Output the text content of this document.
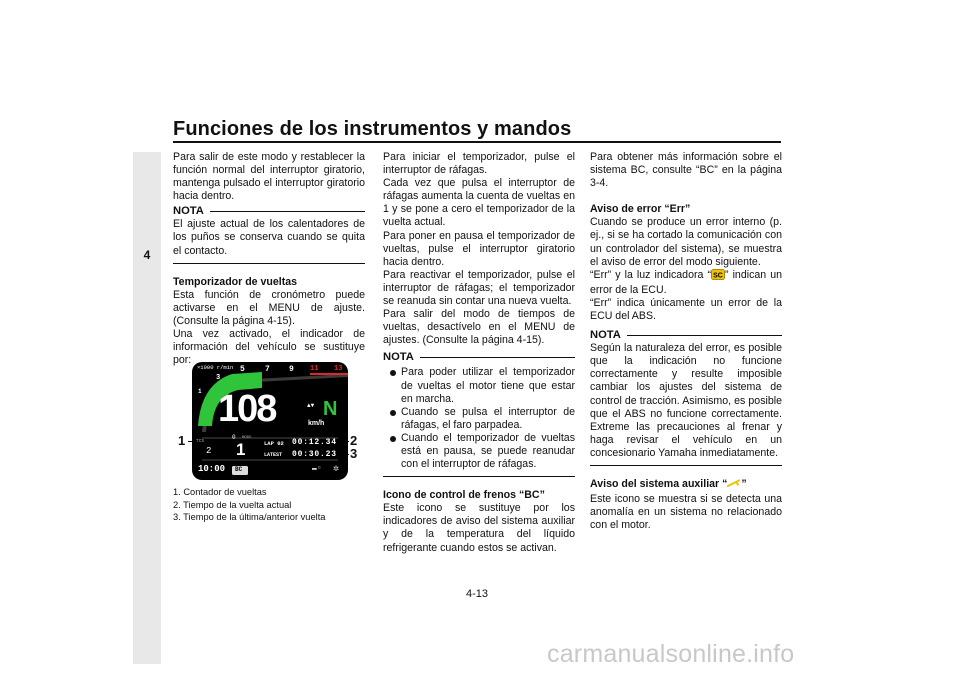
Funciones de los instrumentos y mandos
4

Para salir de este modo y restablecer la función normal del interruptor giratorio, mantenga pulsado el interruptor giratorio hacia dentro.

NOTA

El ajuste actual de los calentadores de los puños se conserva cuando se quita el contacto.

Temporizador de vueltas

Esta función de cronómetro puede activarse en el MENU de ajuste. (Consulte la página 4-15).

Una vez activado, el indicador de información del vehículo se sustituye por:

1	2
3
×1000 r/min
1
3
5	7 9 11 13
108	km/h
N
▲▼
TCS
0 MODE
2 1	LAP 02 00:12.34
LATEST 00:30.23
10:00 BC	▬▫ ✲
1. Contador de vueltas
2. Tiempo de la vuelta actual
3. Tiempo de la última/anterior vuelta

Para iniciar el temporizador, pulse el interruptor de ráfagas.

Cada vez que pulsa el interruptor de ráfagas aumenta la cuenta de vueltas en 1 y se pone a cero el temporizador de la vuelta actual.

Para poner en pausa el temporizador de vueltas, pulse el interruptor giratorio hacia dentro.

Para reactivar el temporizador, pulse el interruptor de ráfagas; el temporizador se reanuda sin contar una nueva vuelta.

Para salir del modo de tiempos de vueltas, desactívelo en el MENU de ajustes. (Consulte la página 4-15).

NOTA
Para poder utilizar el temporizador de vueltas el motor tiene que estar en marcha.
Cuando se pulsa el interruptor de ráfagas, el faro parpadea.
Cuando el temporizador de vueltas está en pausa, se puede reanudar con el interruptor de ráfagas.
Icono de control de frenos “BC”

Este icono se sustituye por los indicadores de aviso del sistema auxiliar y de la temperatura del líquido refrigerante cuando estos se activan.

Para obtener más información sobre el sistema BC, consulte “BC” en la página 3-4.

Aviso de error “Err”

Cuando se produce un error interno (p. ej., si se ha cortado la comunicación con un controlador del sistema), se muestra el aviso de error del modo siguiente.

“Err” y la luz indicadora “ SC ” indican un error de la ECU.

“Err” indica únicamente un error de la ECU del ABS.

NOTA

Según la naturaleza del error, es posible que la indicación no funcione correctamente y resulte imposible cambiar los ajustes del sistema de control de tracción. Asimismo, es posible que el ABS no funcione correctamente. Extreme las precauciones al frenar y haga revisar el vehículo en un concesionario Yamaha inmediatamente.

Aviso del sistema auxiliar “ ”

Este icono se muestra si se detecta una anomalía en un sistema no relacionado con el motor.

4-13
carmanualsonline.info
